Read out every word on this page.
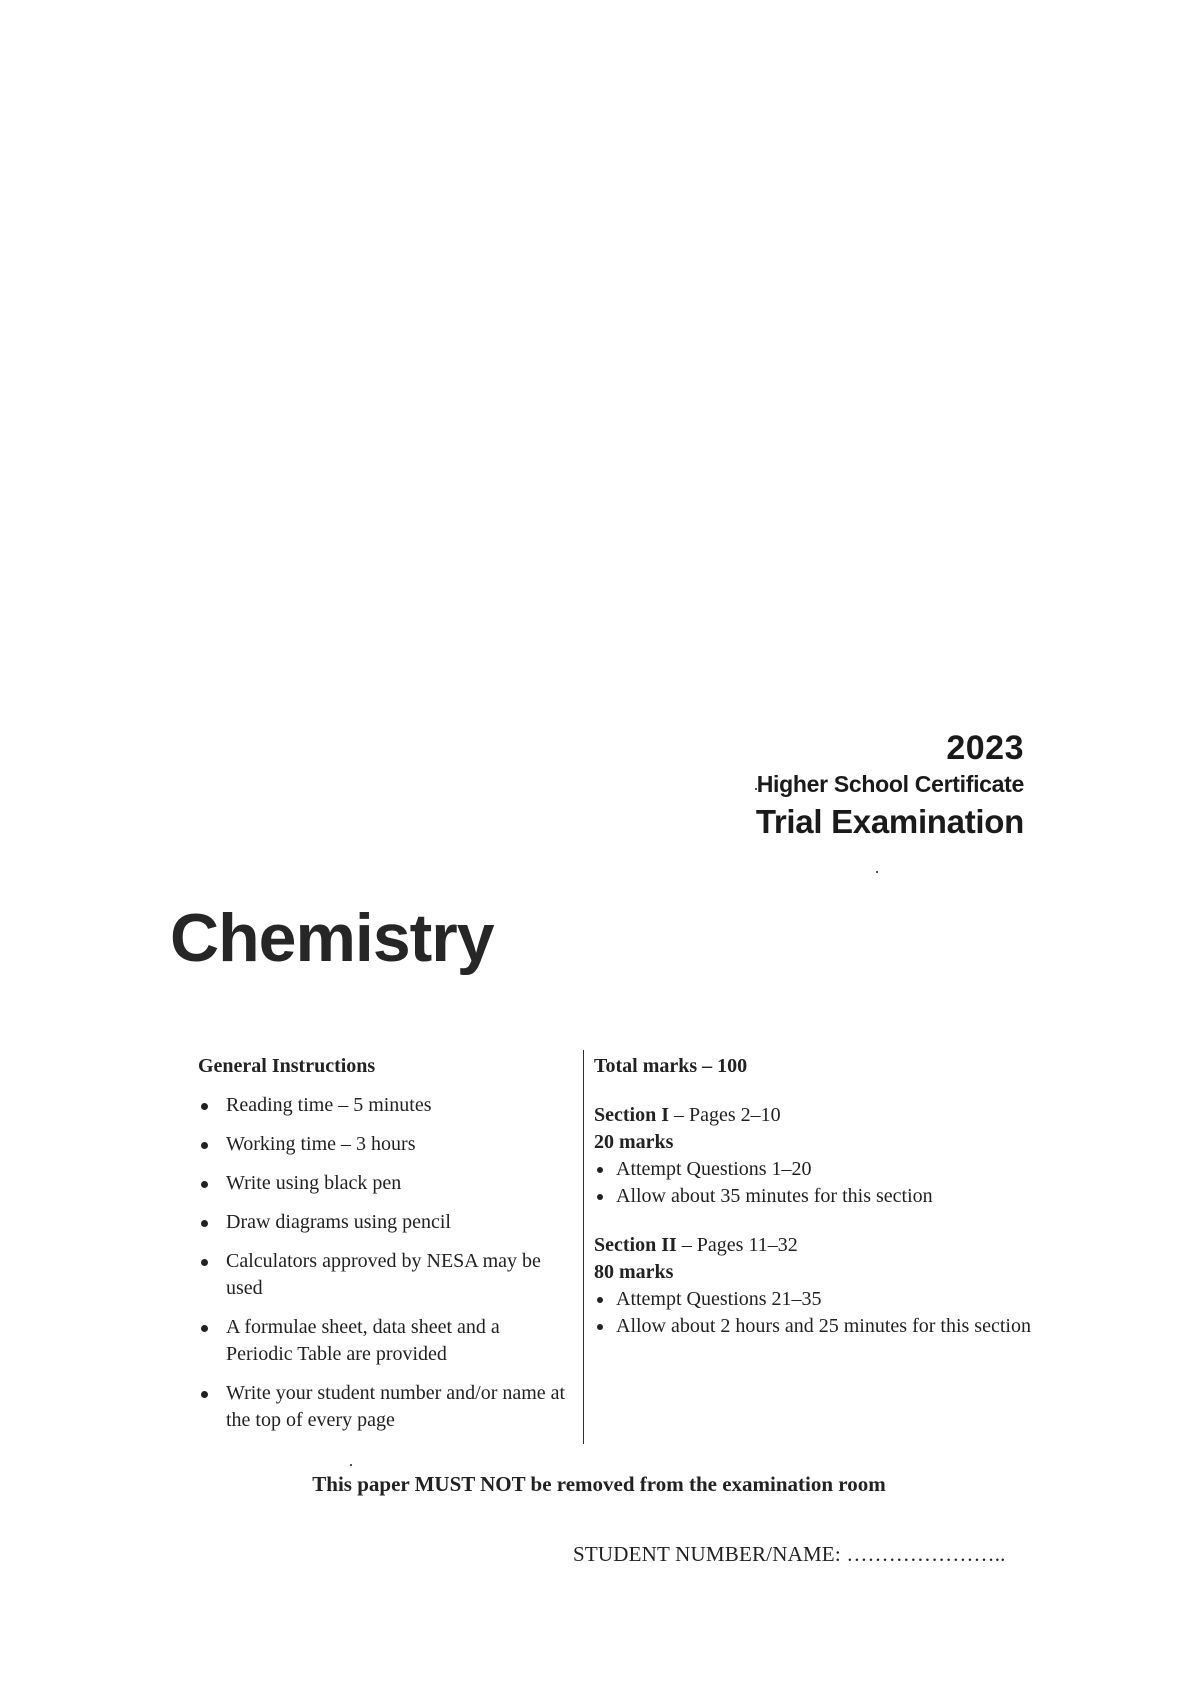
2023
Higher School Certificate
Trial Examination
Chemistry
General Instructions
Reading time – 5 minutes
Working time – 3 hours
Write using black pen
Draw diagrams using pencil
Calculators approved by NESA may be used
A formulae sheet, data sheet and a Periodic Table are provided
Write your student number and/or name at the top of every page
Total marks – 100
Section I – Pages 2–10
20 marks
Attempt Questions 1–20
Allow about 35 minutes for this section
Section II – Pages 11–32
80 marks
Attempt Questions 21–35
Allow about 2 hours and 25 minutes for this section
This paper MUST NOT be removed from the examination room
STUDENT NUMBER/NAME: …………………..
